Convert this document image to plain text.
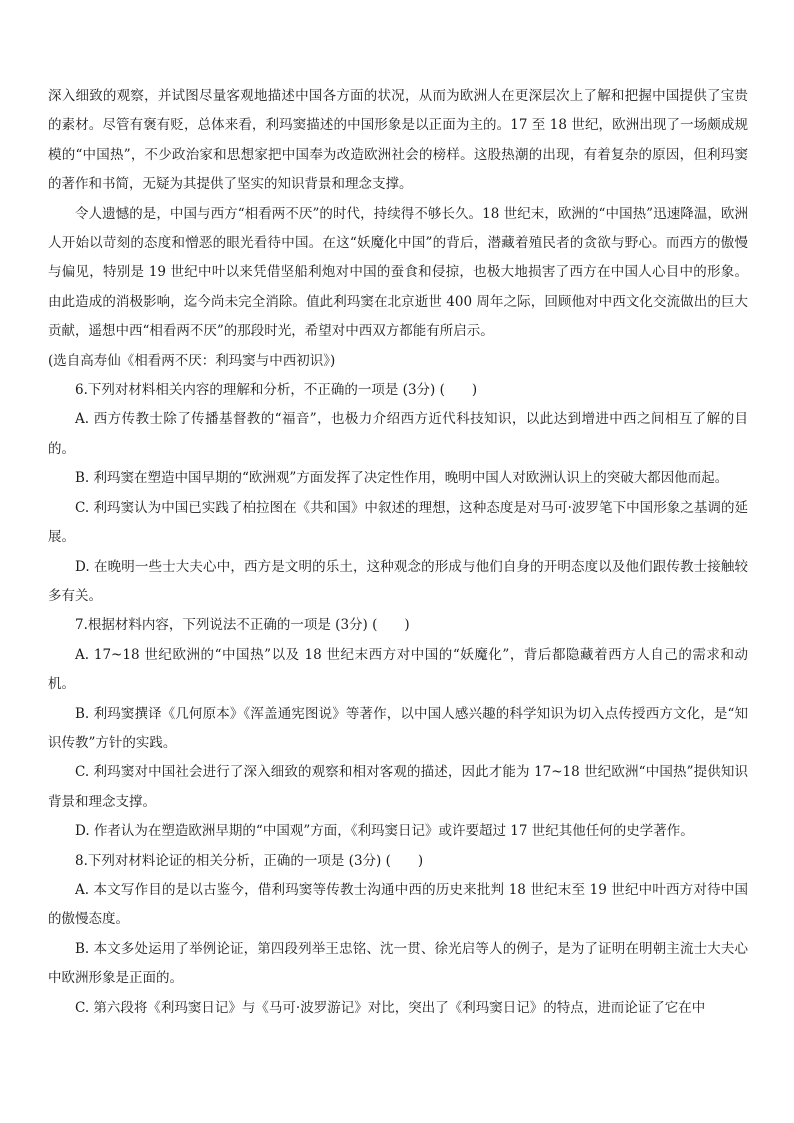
深入细致的观察，并试图尽量客观地描述中国各方面的状况，从而为欧洲人在更深层次上了解和把握中国提供了宝贵的素材。尽管有褒有贬，总体来看，利玛窦描述的中国形象是以正面为主的。17 至 18 世纪，欧洲出现了一场颇成规模的“中国热”，不少政治家和思想家把中国奉为改造欧洲社会的榜样。这股热潮的出现，有着复杂的原因，但利玛窦的著作和书简，无疑为其提供了坚实的知识背景和理念支撑。

令人遗憾的是，中国与西方“相看两不厌”的时代，持续得不够长久。18 世纪末，欧洲的“中国热”迅速降温，欧洲人开始以苛刻的态度和憎恶的眼光看待中国。在这“妖魔化中国”的背后，潜藏着殖民者的贪欲与野心。而西方的傲慢与偏见，特别是 19 世纪中叶以来凭借坚船利炮对中国的蚕食和侵掠，也极大地损害了西方在中国人心目中的形象。由此造成的消极影响，迄今尚未完全消除。值此利玛窦在北京逝世 400 周年之际，回顾他对中西文化交流做出的巨大贡献，遥想中西“相看两不厌”的那段时光，希望对中西双方都能有所启示。

(选自高寿仙《相看两不厌：利玛窦与中西初识》)

6.下列对材料相关内容的理解和分析，不正确的一项是 (3分) (　　)

A. 西方传教士除了传播基督教的“福音”，也极力介绍西方近代科技知识，以此达到增进中西之间相互了解的目的。

B. 利玛窦在塑造中国早期的“欧洲观”方面发挥了决定性作用，晚明中国人对欧洲认识上的突破大都因他而起。

C. 利玛窦认为中国已实践了柏拉图在《共和国》中叙述的理想，这种态度是对马可·波罗笔下中国形象之基调的延展。

D. 在晚明一些士大夫心中，西方是文明的乐土，这种观念的形成与他们自身的开明态度以及他们跟传教士接触较多有关。

7.根据材料内容，下列说法不正确的一项是 (3分) (　　)

A. 17~18 世纪欧洲的“中国热”以及 18 世纪末西方对中国的“妖魔化”，背后都隐藏着西方人自己的需求和动机。

B. 利玛窦撰译《几何原本》《浑盖通宪图说》等著作，以中国人感兴趣的科学知识为切入点传授西方文化，是“知识传教”方针的实践。

C. 利玛窦对中国社会进行了深入细致的观察和相对客观的描述，因此才能为 17~18 世纪欧洲“中国热”提供知识背景和理念支撑。

D. 作者认为在塑造欧洲早期的“中国观”方面，《利玛窦日记》或许要超过 17 世纪其他任何的史学著作。

8.下列对材料论证的相关分析，正确的一项是 (3分) (　　)

A. 本文写作目的是以古鉴今，借利玛窦等传教士沟通中西的历史来批判 18 世纪末至 19 世纪中叶西方对待中国的傲慢态度。

B. 本文多处运用了举例论证，第四段列举王忠铭、沈一贯、徐光启等人的例子，是为了证明在明朝主流士大夫心中欧洲形象是正面的。

C. 第六段将《利玛窦日记》与《马可·波罗游记》对比，突出了《利玛窦日记》的特点，进而论证了它在中
